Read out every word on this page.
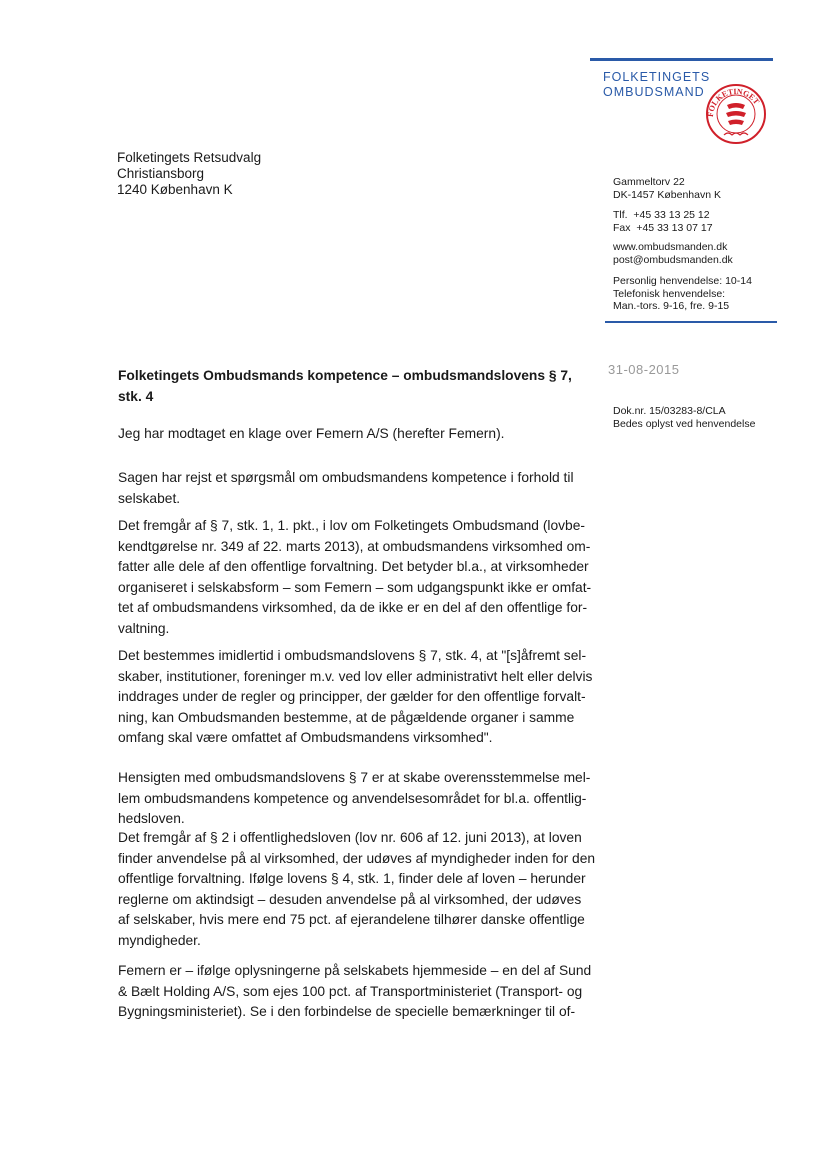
FOLKETINGETS
OMBUDSMAND
FOLKETINGET
Folketingets Retsudvalg
Christiansborg
1240 København K	Gammeltorv 22
DK-1457 København K
Tlf.  +45 33 13 25 12
Fax  +45 33 13 07 17
www.ombudsmanden.dk
post@ombudsmanden.dk
Personlig henvendelse: 10-14
Telefonisk henvendelse:
Man.-tors. 9-16, fre. 9-15
31-08-2015
Dok.nr. 15/03283-8/CLA
Bedes oplyst ved henvendelse
Folketingets Ombudsmands kompetence – ombudsmandslovens § 7,
stk. 4
Jeg har modtaget en klage over Femern A/S (herefter Femern).
Sagen har rejst et spørgsmål om ombudsmandens kompetence i forhold til
selskabet.
Det fremgår af § 7, stk. 1, 1. pkt., i lov om Folketingets Ombudsmand (lovbe-
kendtgørelse nr. 349 af 22. marts 2013), at ombudsmandens virksomhed om-
fatter alle dele af den offentlige forvaltning. Det betyder bl.a., at virksomheder
organiseret i selskabsform – som Femern – som udgangspunkt ikke er omfat-
tet af ombudsmandens virksomhed, da de ikke er en del af den offentlige for-
valtning.
Det bestemmes imidlertid i ombudsmandslovens § 7, stk. 4, at "[s]åfremt sel-
skaber, institutioner, foreninger m.v. ved lov eller administrativt helt eller delvis
inddrages under de regler og principper, der gælder for den offentlige forvalt-
ning, kan Ombudsmanden bestemme, at de pågældende organer i samme
omfang skal være omfattet af Ombudsmandens virksomhed".
Hensigten med ombudsmandslovens § 7 er at skabe overensstemmelse mel-
lem ombudsmandens kompetence og anvendelsesområdet for bl.a. offentlig-
hedsloven.
Det fremgår af § 2 i offentlighedsloven (lov nr. 606 af 12. juni 2013), at loven
finder anvendelse på al virksomhed, der udøves af myndigheder inden for den
offentlige forvaltning. Ifølge lovens § 4, stk. 1, finder dele af loven – herunder
reglerne om aktindsigt – desuden anvendelse på al virksomhed, der udøves
af selskaber, hvis mere end 75 pct. af ejerandelene tilhører danske offentlige
myndigheder.
Femern er – ifølge oplysningerne på selskabets hjemmeside – en del af Sund
& Bælt Holding A/S, som ejes 100 pct. af Transportministeriet (Transport- og
Bygningsministeriet). Se i den forbindelse de specielle bemærkninger til of-
